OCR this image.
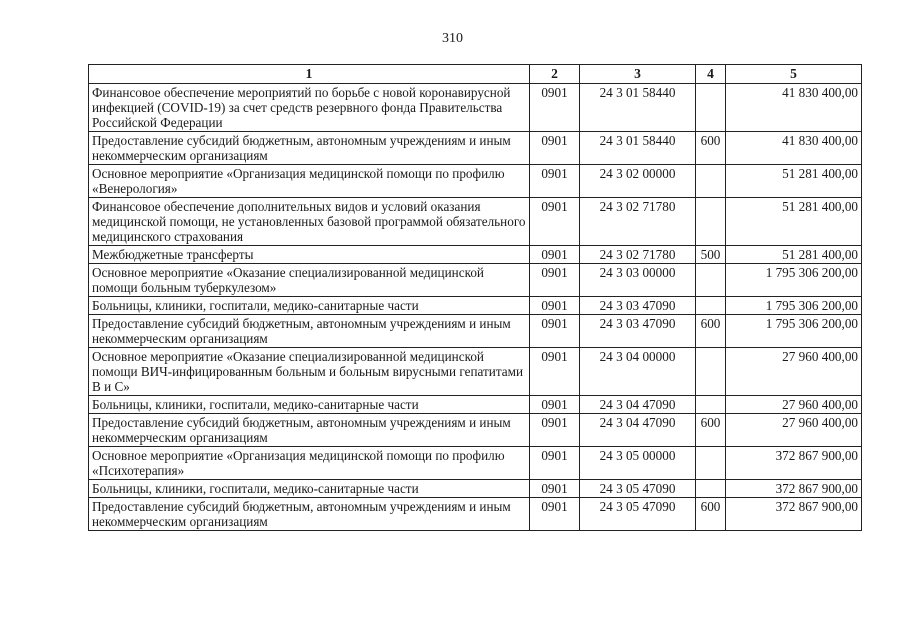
310
1	2	3	4	5
Финансовое обеспечение мероприятий по борьбе с новой коронавирусной инфекцией (COVID-19) за счет средств резервного фонда Правительства Российской Федерации	0901	24 3 01 58440		41 830 400,00
Предоставление субсидий бюджетным, автономным учреждениям и иным некоммерческим организациям	0901	24 3 01 58440	600	41 830 400,00
Основное мероприятие «Организация медицинской помощи по профилю «Венерология»	0901	24 3 02 00000		51 281 400,00
Финансовое обеспечение дополнительных видов и условий оказания медицинской помощи, не установленных базовой программой обязательного медицинского страхования	0901	24 3 02 71780		51 281 400,00
Межбюджетные трансферты	0901	24 3 02 71780	500	51 281 400,00
Основное мероприятие «Оказание специализированной медицинской помощи больным туберкулезом»	0901	24 3 03 00000		1 795 306 200,00
Больницы, клиники, госпитали, медико-санитарные части	0901	24 3 03 47090		1 795 306 200,00
Предоставление субсидий бюджетным, автономным учреждениям и иным некоммерческим организациям	0901	24 3 03 47090	600	1 795 306 200,00
Основное мероприятие «Оказание специализированной медицинской помощи ВИЧ-инфицированным больным и больным вирусными гепатитами В и С»	0901	24 3 04 00000		27 960 400,00
Больницы, клиники, госпитали, медико-санитарные части	0901	24 3 04 47090		27 960 400,00
Предоставление субсидий бюджетным, автономным учреждениям и иным некоммерческим организациям	0901	24 3 04 47090	600	27 960 400,00
Основное мероприятие «Организация медицинской помощи по профилю «Психотерапия»	0901	24 3 05 00000		372 867 900,00
Больницы, клиники, госпитали, медико-санитарные части	0901	24 3 05 47090		372 867 900,00
Предоставление субсидий бюджетным, автономным учреждениям и иным некоммерческим организациям	0901	24 3 05 47090	600	372 867 900,00
